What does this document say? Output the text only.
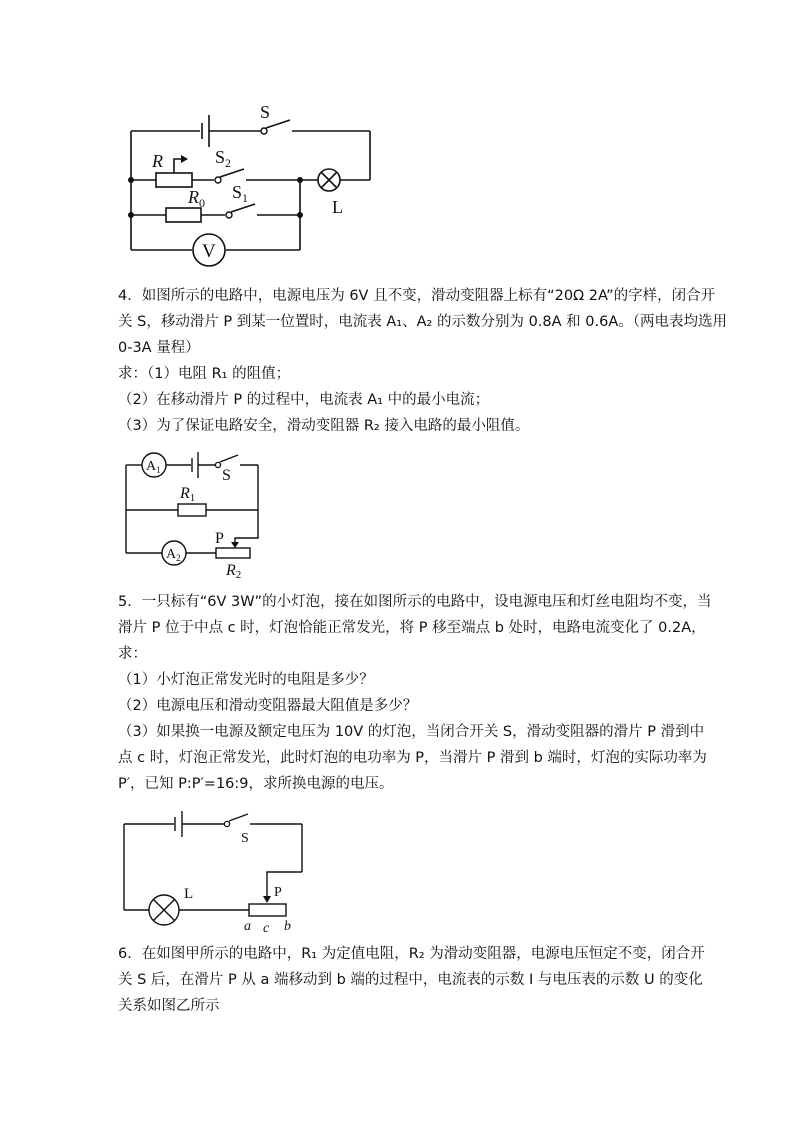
S
$S_2$
R
$R_0$
$S_1$	L
V

4．如图所示的电路中，电源电压为 6V 且不变，滑动变阻器上标有“20Ω 2A”的字样，闭合开

关 S，移动滑片 P 到某一位置时，电流表 A₁、A₂ 的示数分别为 0.8A 和 0.6A。（两电表均选用

0-3A 量程）

求：（1）电阻 R₁ 的阻值；

（2）在移动滑片 P 的过程中，电流表 A₁ 中的最小电流；

（3）为了保证电路安全，滑动变阻器 R₂ 接入电路的最小阻值。

$A_1$	S
R1
$A_2$
P
R2

5．一只标有“6V 3W”的小灯泡，接在如图所示的电路中，设电源电压和灯丝电阻均不变，当

滑片 P 位于中点 c 时，灯泡恰能正常发光，将 P 移至端点 b 处时，电路电流变化了 0.2A，

求：

（1）小灯泡正常发光时的电阻是多少？

（2）电源电压和滑动变阻器最大阻值是多少？

（3）如果换一电源及额定电压为 10V 的灯泡，当闭合开关 S，滑动变阻器的滑片 P 滑到中

点 c 时，灯泡正常发光，此时灯泡的电功率为 P，当滑片 P 滑到 b 端时，灯泡的实际功率为

P′，已知 P:P′=16:9，求所换电源的电压。

S
L	P
a c b

6．在如图甲所示的电路中，R₁ 为定值电阻，R₂ 为滑动变阻器，电源电压恒定不变，闭合开

关 S 后，在滑片 P 从 a 端移动到 b 端的过程中，电流表的示数 I 与电压表的示数 U 的变化

关系如图乙所示
